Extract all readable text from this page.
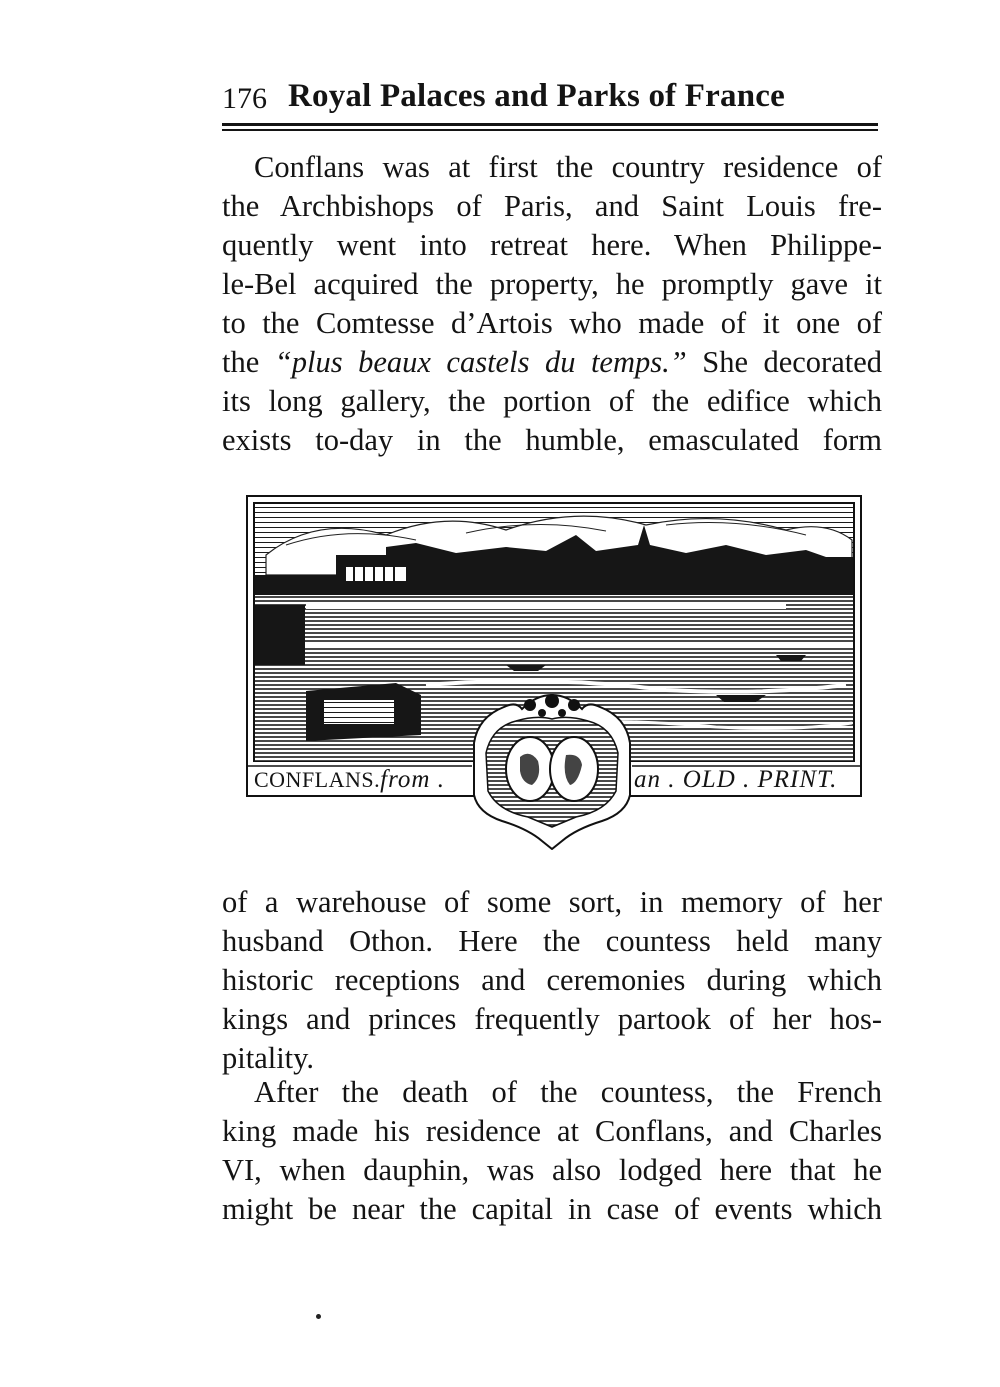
176 Royal Palaces and Parks of France
Conflans was at first the country residence of
the Archbishops of Paris, and Saint Louis fre-
quently went into retreat here. When Philippe-
le-Bel acquired the property, he promptly gave it
to the Comtesse d’Artois who made of it one of
the “plus beaux castels du temps.” She decorated
its long gallery, the portion of the edifice which
exists to-day in the humble, emasculated form
CONFLANS.from .	an . OLD . PRINT.
of a warehouse of some sort, in memory of her
husband Othon. Here the countess held many
historic receptions and ceremonies during which
kings and princes frequently partook of her hos-
pitality.
After the death of the countess, the French
king made his residence at Conflans, and Charles
VI, when dauphin, was also lodged here that he
might be near the capital in case of events which
